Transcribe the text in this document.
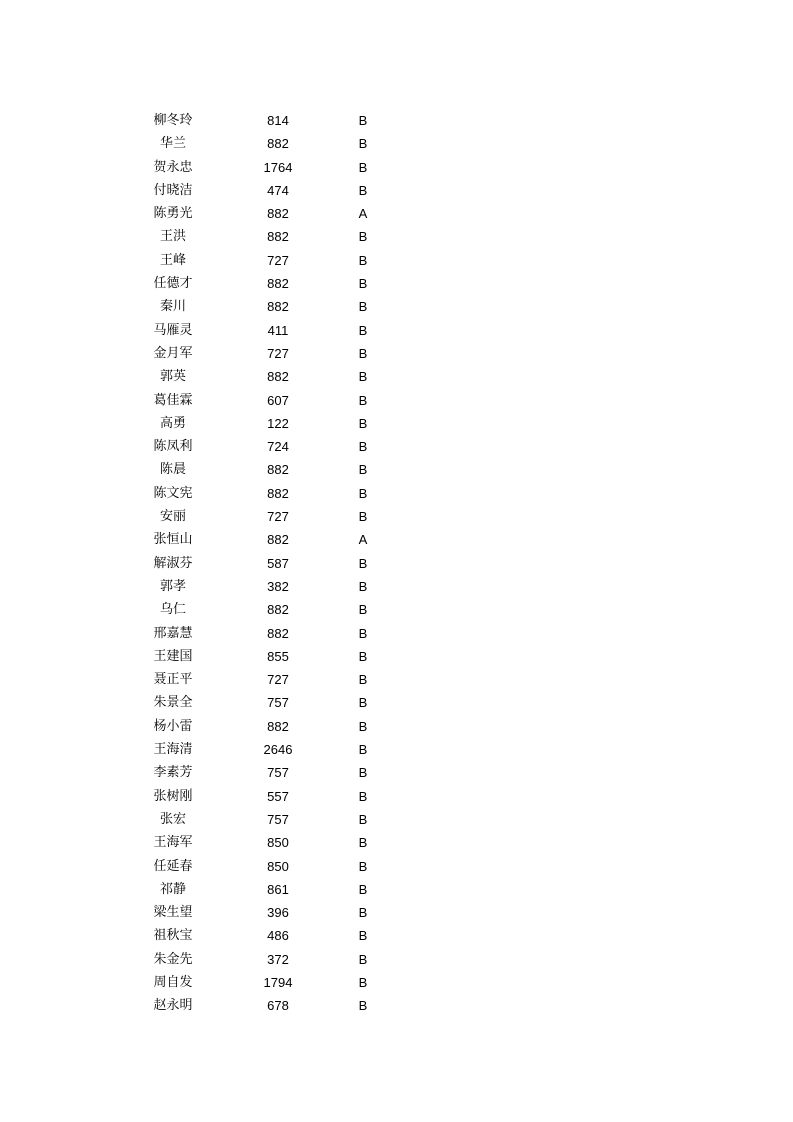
柳冬玲	814	B
华兰	882	B
贺永忠	1764	B
付晓洁	474	B
陈勇光	882	A
王洪	882	B
王峰	727	B
任德才	882	B
秦川	882	B
马雁灵	411	B
金月军	727	B
郭英	882	B
葛佳霖	607	B
高勇	122	B
陈凤利	724	B
陈晨	882	B
陈文宪	882	B
安丽	727	B
张恒山	882	A
解淑芬	587	B
郭孝	382	B
乌仁	882	B
邢嘉慧	882	B
王建国	855	B
聂正平	727	B
朱景全	757	B
杨小雷	882	B
王海清	2646	B
李素芳	757	B
张树刚	557	B
张宏	757	B
王海军	850	B
任延春	850	B
祁静	861	B
梁生望	396	B
祖秋宝	486	B
朱金先	372	B
周自发	1794	B
赵永明	678	B
